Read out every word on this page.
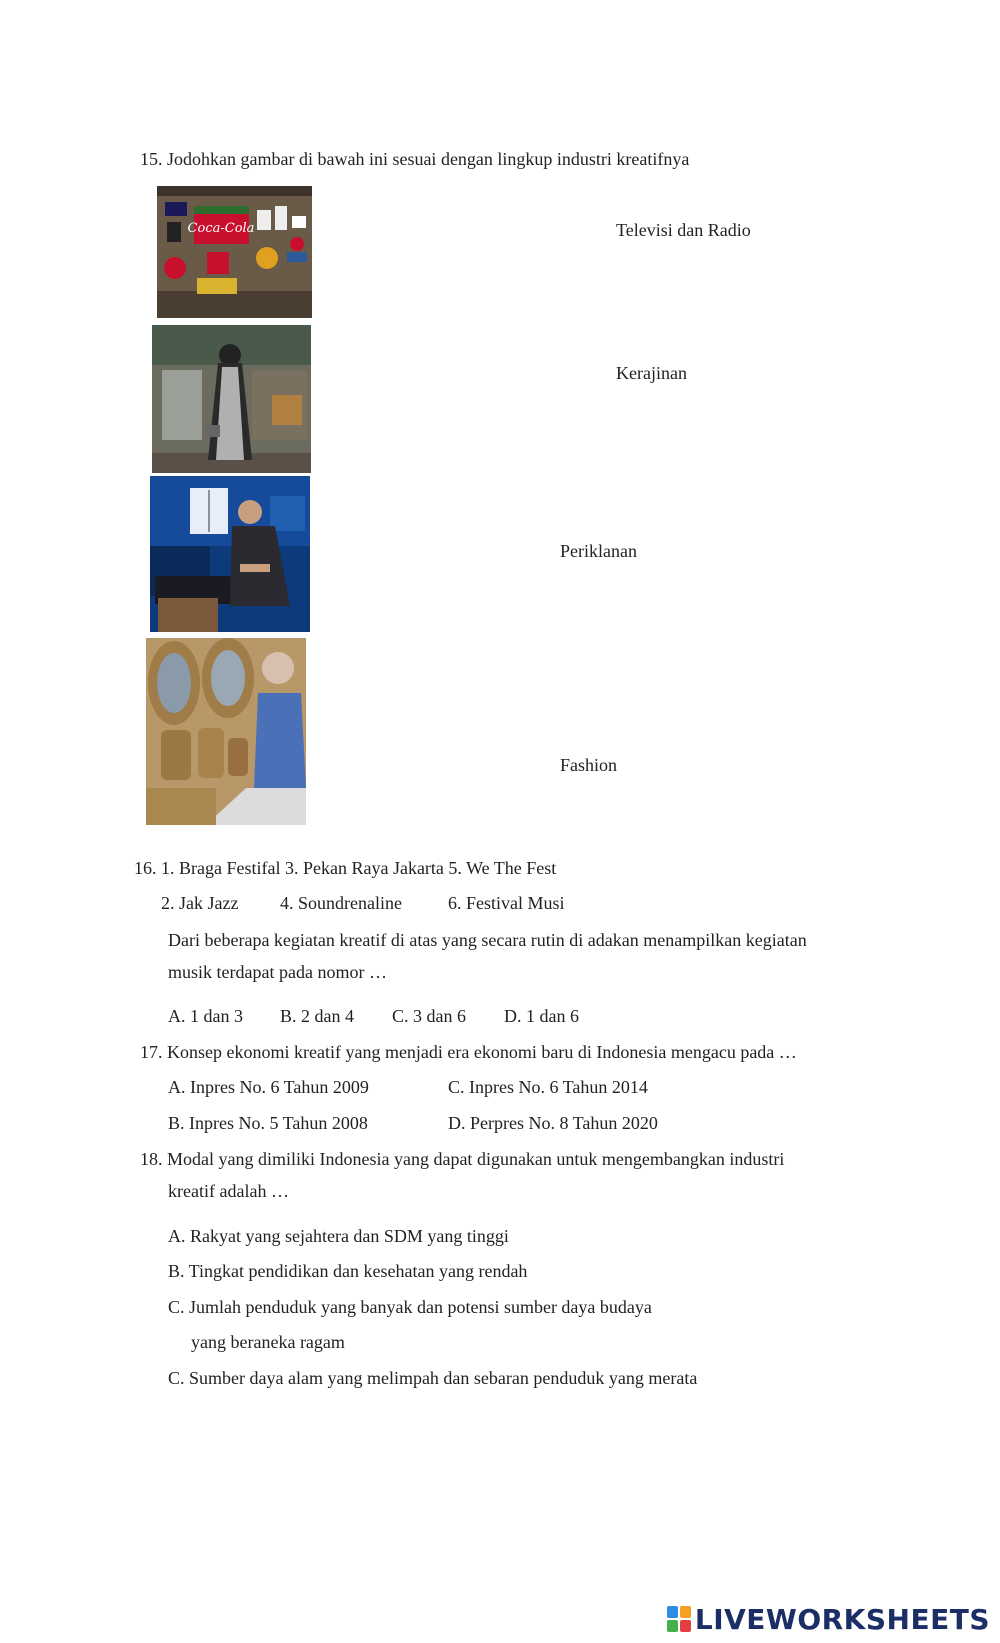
15. Jodohkan gambar di bawah ini sesuai dengan lingkup industri kreatifnya
Coca-Cola	Televisi dan Radio
Kerajinan
Periklanan
Fashion
16. 1. Braga Festifal 3. Pekan Raya Jakarta 5. We The Fest
2. Jak Jazz 4. Soundrenaline	6. Festival Musi
Dari beberapa kegiatan kreatif di atas yang secara rutin di adakan menampilkan kegiatan
musik terdapat pada nomor …
A. 1 dan 3 B. 2 dan 4 C. 3 dan 6 D. 1 dan 6
17. Konsep ekonomi kreatif yang menjadi era ekonomi baru di Indonesia mengacu pada …
A. Inpres No. 6 Tahun 2009	C. Inpres No. 6 Tahun 2014
B. Inpres No. 5 Tahun 2008	D. Perpres No. 8 Tahun 2020
18. Modal yang dimiliki Indonesia yang dapat digunakan untuk mengembangkan industri
kreatif adalah …
A. Rakyat yang sejahtera dan SDM yang tinggi
B. Tingkat pendidikan dan kesehatan yang rendah
C. Jumlah penduduk yang banyak dan potensi sumber daya budaya
yang beraneka ragam
C. Sumber daya alam yang melimpah dan sebaran penduduk yang merata
LIVEWORKSHEETS
